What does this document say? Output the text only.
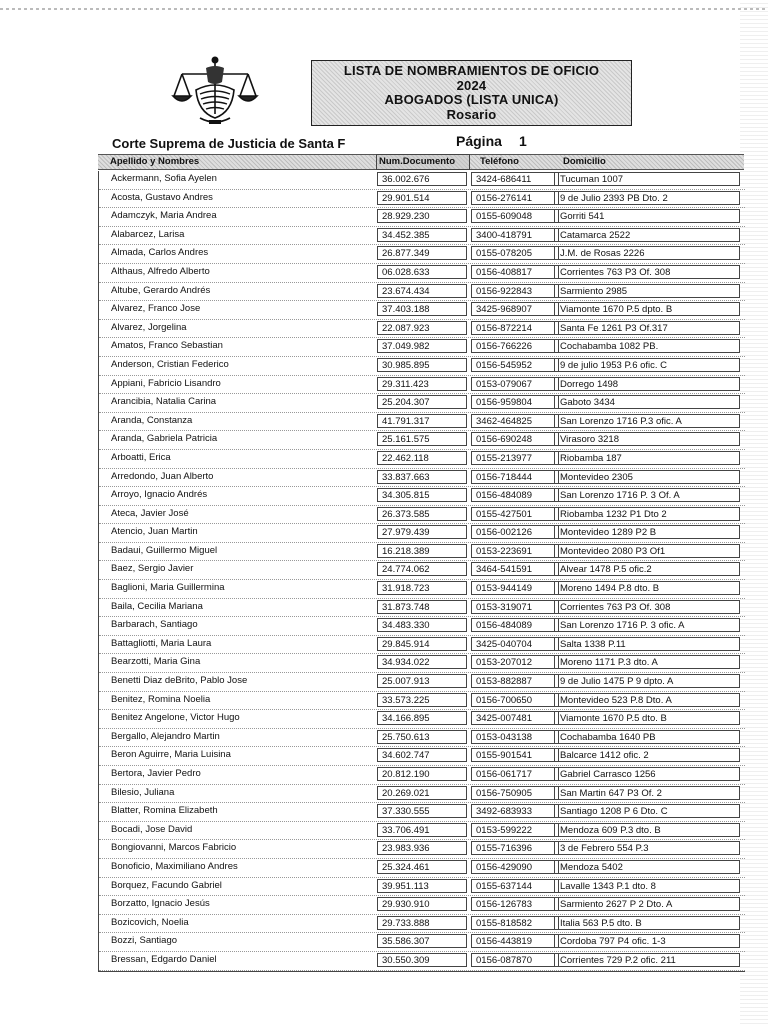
LISTA DE NOMBRAMIENTOS DE OFICIO
2024
ABOGADOS (LISTA UNICA)
Rosario
Corte Suprema de Justicia de Santa F	Página 1
Apellido y Nombres	Num.Documento	Teléfono	Domicilio
Ackermann, Sofia Ayelen	36.002.676	3424-686411	Tucuman 1007
Acosta, Gustavo Andres	29.901.514	0156-276141	9 de Julio 2393 PB Dto. 2
Adamczyk, Maria Andrea	28.929.230	0155-609048	Gorriti 541
Alabarcez, Larisa	34.452.385	3400-418791	Catamarca 2522
Almada, Carlos Andres	26.877.349	0155-078205	J.M. de Rosas 2226
Althaus, Alfredo Alberto	06.028.633	0156-408817	Corrientes 763 P3 Of. 308
Altube, Gerardo Andrés	23.674.434	0156-922843	Sarmiento 2985
Alvarez, Franco Jose	37.403.188	3425-968907	Viamonte 1670 P.5 dpto. B
Alvarez, Jorgelina	22.087.923	0156-872214	Santa Fe 1261 P3 Of.317
Amatos, Franco Sebastian	37.049.982	0156-766226	Cochabamba 1082 PB.
Anderson, Cristian Federico	30.985.895	0156-545952	9 de julio 1953 P.6 ofic. C
Appiani, Fabricio Lisandro	29.311.423	0153-079067	Dorrego 1498
Arancibia, Natalia Carina	25.204.307	0156-959804	Gaboto 3434
Aranda, Constanza	41.791.317	3462-464825	San Lorenzo 1716 P.3 ofic. A
Aranda, Gabriela Patricia	25.161.575	0156-690248	Virasoro 3218
Arboatti, Erica	22.462.118	0155-213977	Riobamba 187
Arredondo, Juan Alberto	33.837.663	0156-718444	Montevideo 2305
Arroyo, Ignacio Andrés	34.305.815	0156-484089	San Lorenzo 1716 P. 3 Of. A
Ateca, Javier José	26.373.585	0155-427501	Riobamba 1232 P1 Dto 2
Atencio, Juan Martin	27.979.439	0156-002126	Montevideo 1289 P2 B
Badaui, Guillermo Miguel	16.218.389	0153-223691	Montevideo 2080 P3 Of1
Baez, Sergio Javier	24.774.062	3464-541591	Alvear 1478 P.5 ofic.2
Baglioni, Maria Guillermina	31.918.723	0153-944149	Moreno 1494 P.8 dto. B
Baila, Cecilia Mariana	31.873.748	0153-319071	Corrientes 763 P3 Of. 308
Barbarach, Santiago	34.483.330	0156-484089	San Lorenzo 1716 P. 3 ofic. A
Battagliotti, Maria Laura	29.845.914	3425-040704	Salta 1338 P.11
Bearzotti, Maria Gina	34.934.022	0153-207012	Moreno 1171 P.3 dto. A
Benetti Diaz deBrito, Pablo Jose	25.007.913	0153-882887	9 de Julio 1475 P 9 dpto. A
Benitez, Romina Noelia	33.573.225	0156-700650	Montevideo 523 P.8 Dto. A
Benitez Angelone, Victor Hugo	34.166.895	3425-007481	Viamonte 1670 P.5 dto. B
Bergallo, Alejandro Martin	25.750.613	0153-043138	Cochabamba 1640 PB
Beron Aguirre, Maria Luisina	34.602.747	0155-901541	Balcarce 1412 ofic. 2
Bertora, Javier Pedro	20.812.190	0156-061717	Gabriel Carrasco 1256
Bilesio, Juliana	20.269.021	0156-750905	San Martin 647 P3 Of. 2
Blatter, Romina Elizabeth	37.330.555	3492-683933	Santiago 1208 P 6 Dto. C
Bocadi, Jose David	33.706.491	0153-599222	Mendoza 609 P.3 dto. B
Bongiovanni, Marcos Fabricio	23.983.936	0155-716396	3 de Febrero 554 P.3
Bonoficio, Maximiliano Andres	25.324.461	0156-429090	Mendoza 5402
Borquez, Facundo Gabriel	39.951.113	0155-637144	Lavalle 1343 P.1 dto. 8
Borzatto, Ignacio Jesús	29.930.910	0156-126783	Sarmiento 2627 P 2 Dto. A
Bozicovich, Noelia	29.733.888	0155-818582	Italia 563 P.5 dto. B
Bozzi, Santiago	35.586.307	0156-443819	Cordoba 797 P4 ofic. 1-3
Bressan, Edgardo Daniel	30.550.309	0156-087870	Corrientes 729 P.2 ofic. 211
